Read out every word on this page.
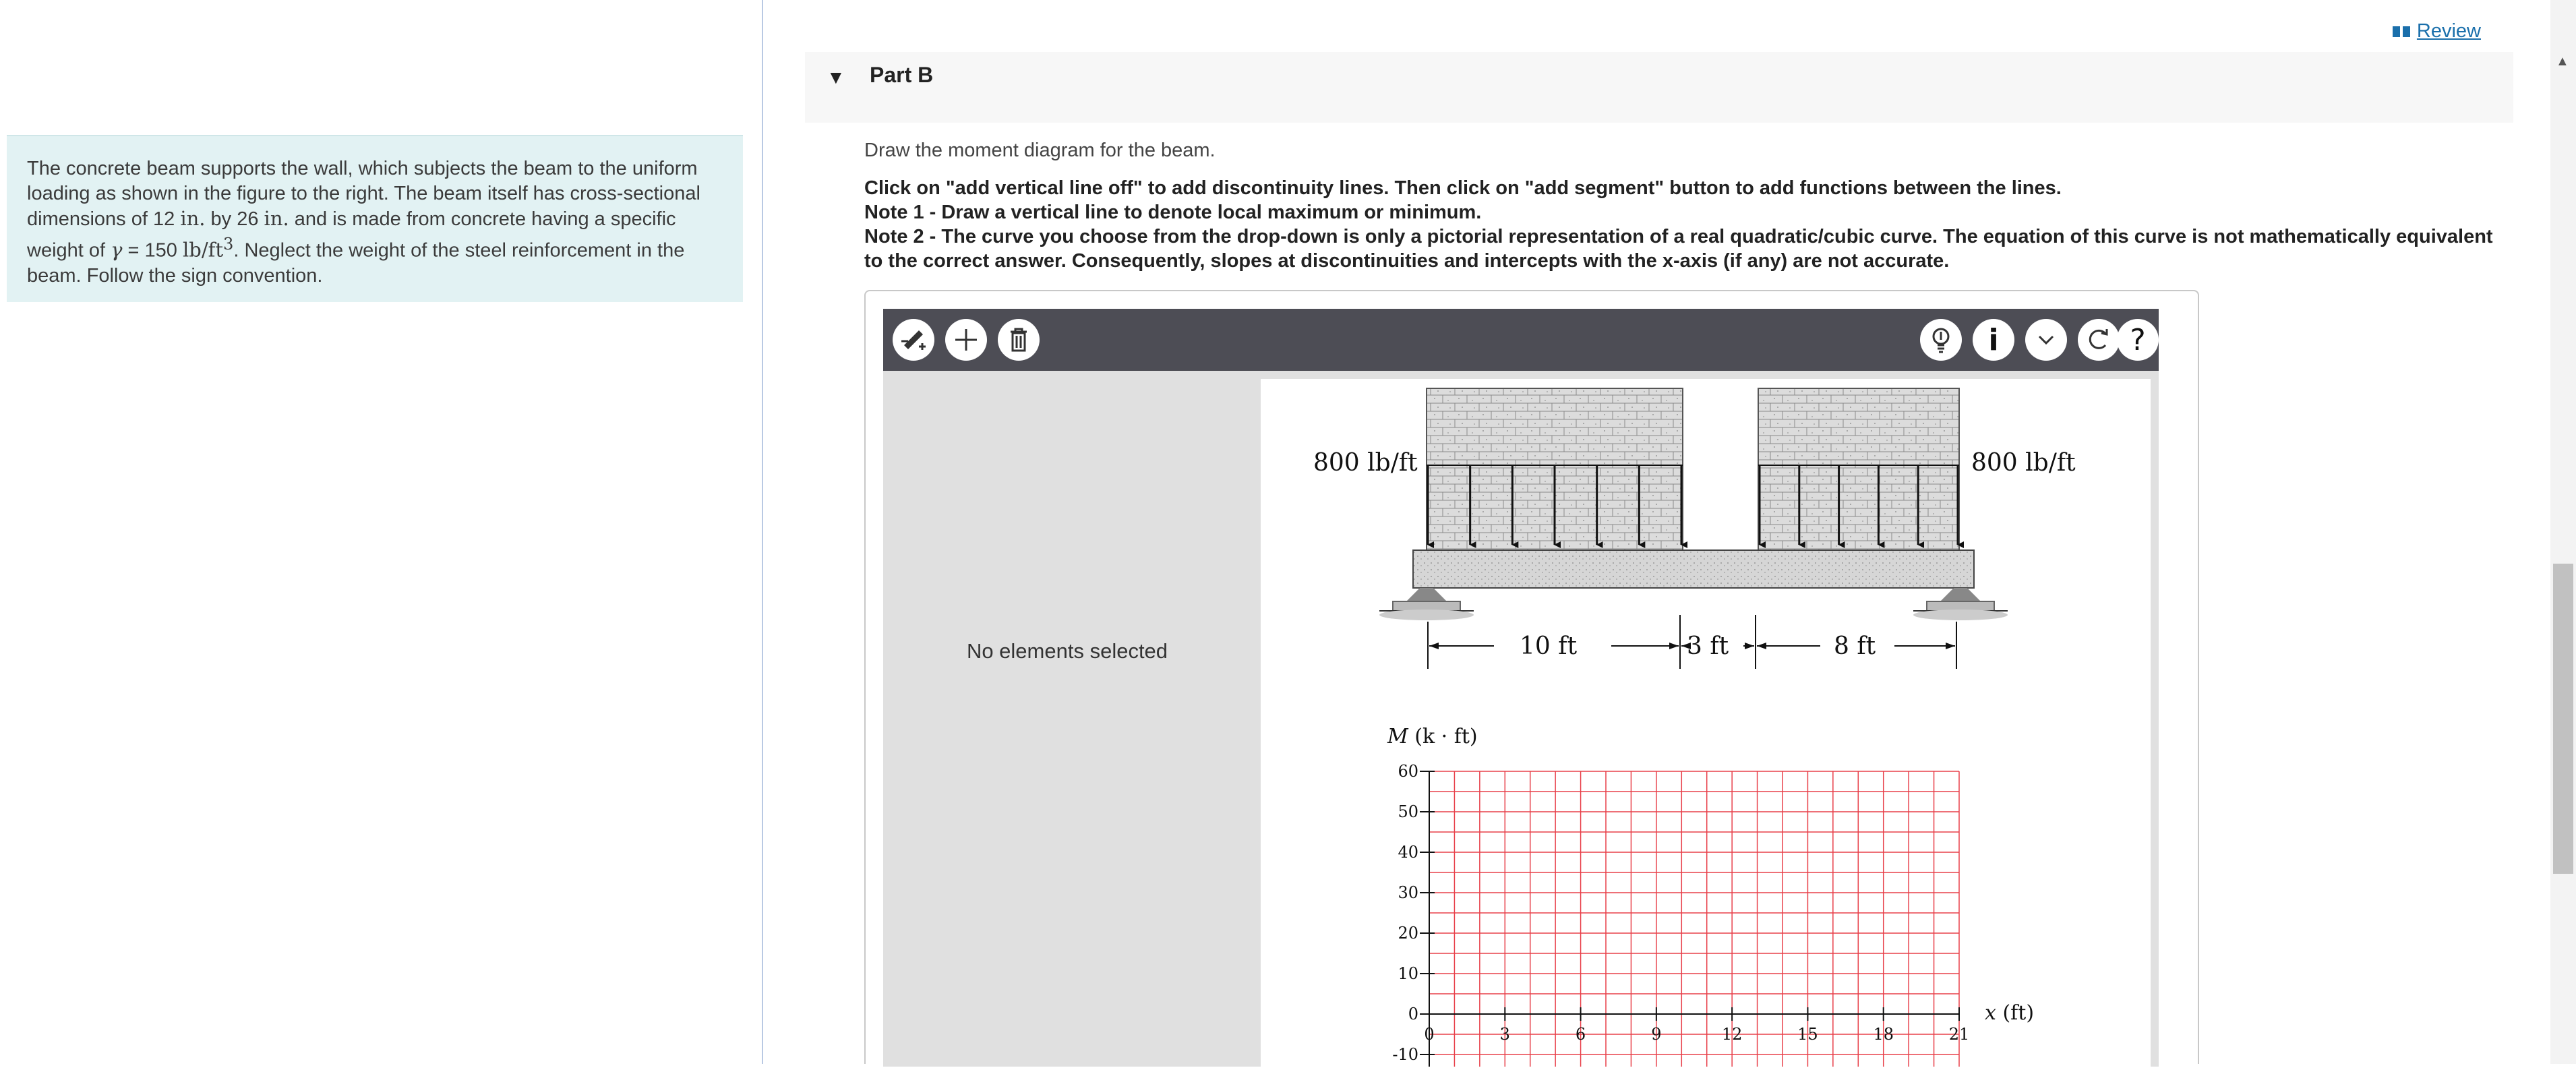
The concrete beam supports the wall, which subjects the beam to the uniform loading as shown in the figure to the right. The beam itself has cross-sectional dimensions of 12 in. by 26 in. and is made from concrete having a specific weight of γ = 150 $lb/ft^3$. Neglect the weight of the steel reinforcement in the beam. Follow the sign convention.
Review
▼ Part B

Draw the moment diagram for the beam.

Click on "add vertical line off" to add discontinuity lines. Then click on "add segment" button to add functions between the lines.

Note 1 - Draw a vertical line to denote local maximum or minimum.

Note 2 - The curve you choose from the drop-down is only a pictorial representation of a real quadratic/cubic curve. The equation of this curve is not mathematically equivalent to the correct answer. Consequently, slopes at discontinuities and intercepts with the x-axis (if any) are not accurate.

i	?
No elements selected
800 lb/ft	800 lb/ft
10 ft	3 ft	8 ft
60
50
40
30
20
10
0
-10
0	3	6	9	12	15	18	21
M (k · ft)
x (ft)
▲
